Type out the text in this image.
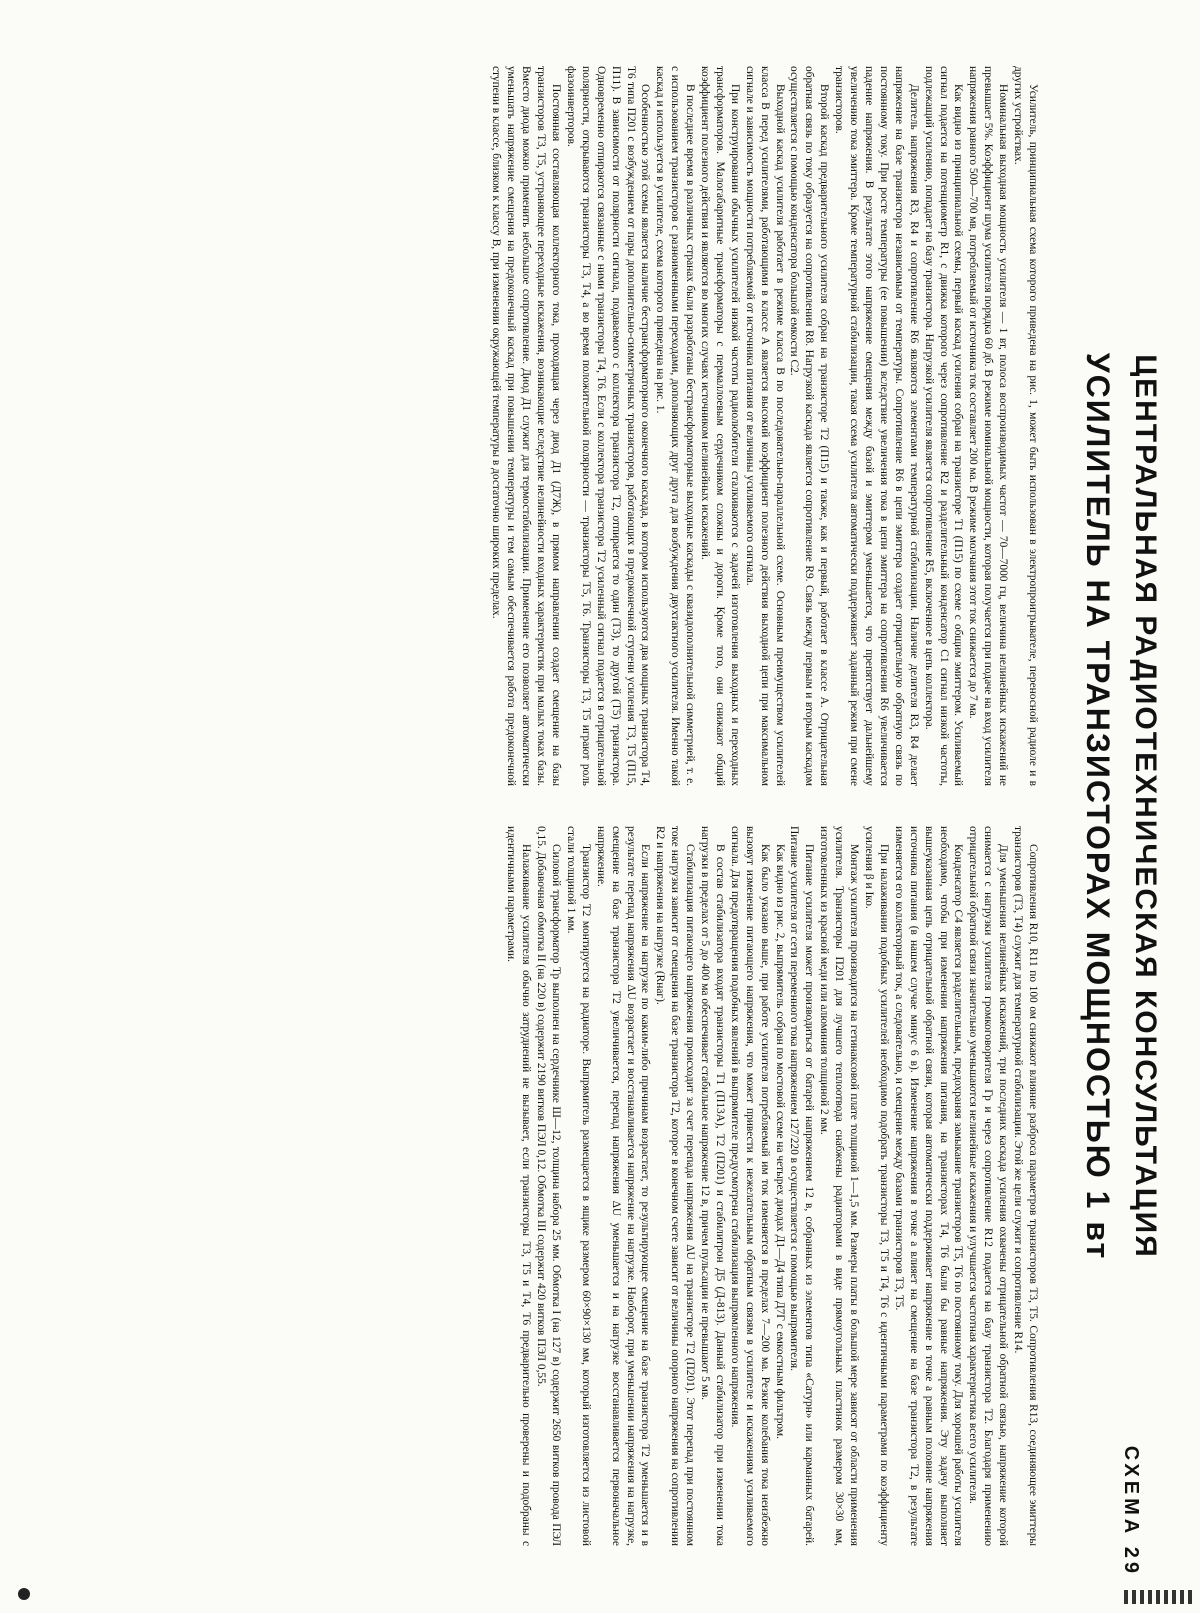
СХЕМА 29
ЦЕНТРАЛЬНАЯ РАДИОТЕХНИЧЕСКАЯ КОНСУЛЬТАЦИЯ
УСИЛИТЕЛЬ НА ТРАНЗИСТОРАХ МОЩНОСТЬЮ 1 вт

Усилитель, принципиальная схема которого приведена на рис. 1, может быть использован в электропроигрывателе, переносной радиоле и в других устройствах.

Номинальная выходная мощность усилителя — 1 вт, полоса воспроизводимых частот — 70—7000 гц, величина нелинейных искажений не превышает 5%. Коэффициент шума усилителя порядка 60 дб. В режиме номинальной мощности, которая получается при подаче на вход усилителя напряжения равного 500—700 мв, потребляемый от источника ток составляет 200 ма. В режиме молчания этот ток снижается до 7 ма.

Как видно из принципиальной схемы, первый каскад усиления собран на транзисторе T1 (П15) по схеме с общим эмиттером. Усиливаемый сигнал подается на потенциометр R1, с движка которого через сопротивление R2 и разделительный конденсатор C1 сигнал низкой частоты, подлежащий усилению, попадает на базу транзистора. Нагрузкой усилителя является сопротивление R5, включенное в цепь коллектора.

Делитель напряжения R3, R4 и сопротивление R6 являются элементами температурной стабилизации. Наличие делителя R3, R4 делает напряжение на базе транзистора независимым от температуры. Сопротивление R6 в цепи эмиттера создает отрицательную обратную связь по постоянному току. При росте температуры (ее повышении) вследствие увеличения тока в цепи эмиттера на сопротивлении R6 увеличивается падение напряжения. В результате этого напряжение смещения между базой и эмиттером уменьшается, что препятствует дальнейшему увеличению тока эмиттера. Кроме температурной стабилизации, такая схема усилителя автоматически поддерживает заданный режим при смене транзисторов.

Второй каскад предварительного усилителя собран на транзисторе T2 (П15) и также, как и первый, работает в классе А. Отрицательная обратная связь по току образуется на сопротивлении R8. Нагрузкой каскада является сопротивление R9. Связь между первым и вторым каскадом осуществляется с помощью конденсатора большой емкости C2.

Выходной каскад усилителя работает в режиме класса В по последовательно-параллельной схеме. Основным преимуществом усилителей класса В перед усилителями, работающими в классе А является высокий коэффициент полезного действия выходной цепи при максимальном сигнале и зависимость мощности потребляемой от источника питания от величины усиливаемого сигнала.

При конструировании обычных усилителей низкой частоты радиолюбители сталкиваются с задачей изготовления выходных и переходных трансформаторов. Малогабаритные трансформаторы с пермаллоевым сердечником сложны и дороги. Кроме того, они снижают общий коэффициент полезного действия и являются во многих случаях источником нелинейных искажений.

В последнее время в различных странах были разработаны бестрансформаторные выходные каскады с квазидополнительной симметрией, т. е. с использованием транзисторов с разноименными переходами, дополняющих друг друга для возбуждения двухтактного усилителя. Именно такой каскад и используется в усилителе, схема которого приведена на рис. 1.

Особенностью этой схемы является наличие бестрансформаторного оконечного каскада, в котором используются два мощных транзистора T4, T6 типа П201 с возбуждением от пары дополнительно-симметричных транзисторов, работающих в предоконечной ступени усиления T3, T5 (П15, П11). В зависимости от полярности сигнала, подаваемого с коллектора транзистора T2, отпирается то один (T3), то другой (T5) транзистора. Одновременно отпираются связанные с ними транзисторы T4, T6. Если с коллектора транзистора T2 усиленный сигнал подается в отрицательной полярности, открываются транзисторы T3, T4, а во время положительной полярности — транзисторы T5, T6. Транзисторы T3, T5 играют роль фазоинверторов.

Постоянная составляющая коллекторного тока, проходящая через диод Д1 (Д7Ж), в прямом направлении создает смещение на базы транзисторов T3, T5, устраняющее переходные искажения, возникающие вследствие нелинейности входных характеристик при малых токах базы. Вместо диода можно применить небольшое сопротивление. Диод Д1 служит для термостабилизации. Применение его позволяет автоматически уменьшать напряжение смещения на предоконечный каскад при повышении температуры и тем самым обеспечивается работа предоконечной ступени в классе, близком к классу В, при изменении окружающей температуры в достаточно широких пределах.

Сопротивления R10, R11 по 100 ом снижают влияние разброса параметров транзисторов T3, T5. Сопротивления R13, соединяющее эмиттеры транзисторов (T3, T4) служит для температурной стабилизации. Этой же цели служит и сопротивление R14.

Для уменьшения нелинейных искажений, три последних каскада усиления охвачены отрицательной обратной связью, напряжение которой снимается с нагрузки усилителя громкоговорителя Гр и через сопротивление R12 подается на базу транзистора T2. Благодаря применению отрицательной обратной связи значительно уменьшаются нелинейные искажения и улучшается частотная характеристика всего усилителя.

Конденсатор C4 является разделительным, предохраняя замыкание транзисторов T5, T6 по постоянному току. Для хорошей работы усилителя необходимо, чтобы при изменении напряжения питания, на транзисторах T4, T6 были бы равные напряжения. Эту задачу выполняет вышеуказанная цепь отрицательной обратной связи, которая автоматически поддерживает напряжение в точке а равным половине напряжения источника питания (в нашем случае минус 6 в). Изменение напряжения в точке а влияет на смещение на базе транзистора T2, в результате изменяется его коллекторный ток, а следовательно, и смещение между базами транзисторов T3, T5.

При налаживании подобных усилителей необходимо подобрать транзисторы T3, T5 и T4, T6 с идентичными параметрами по коэффициенту усиления β и Iко.

Монтаж усилителя производится на гетинаксовой плате толщиной 1—1,5 мм. Размеры платы в большой мере зависят от области применения усилителя. Транзисторы П201 для лучшего теплоотвода снабжены радиаторами в виде прямоугольных пластинок размером 30×30 мм, изготовленных из красной меди или алюминия толщиной 2 мм.

Питание усилителя может производиться от батарей напряжением 12 в, собранных из элементов типа «Сатурн» или карманных батарей. Питание усилителя от сети переменного тока напряжением 127/220 в осуществляется с помощью выпрямителя.

Как видно из рис. 2, выпрямитель собран по мостовой схеме на четырех диодах Д1—Д4 типа Д7Г с емкостным фильтром.

Как было указано выше, при работе усилителя потребляемый им ток изменяется в пределах 7—200 ма. Резкие колебания тока неизбежно вызовут изменение питающего напряжения, что может привести к нежелательным обратным связям в усилителе и искажениям усиливаемого сигнала. Для предотвращения подобных явлений в выпрямителе предусмотрена стабилизация выпрямленного напряжения.

В состав стабилизатора входят транзисторы T1 (П13А), T2 (П201) и стабилитрон Д5 (Д-813). Данный стабилизатор при изменении тока нагрузки в пределах от 5 до 400 ма обеспечивает стабильное напряжение 12 в, причем пульсации не превышают 5 мв.

Стабилизация питающего напряжения происходит за счет перепада напряжения ΔU на транзисторе T2 (П201). Этот перепад при постоянном токе нагрузки зависит от смещения на базе транзистора T2, которое в конечном счете зависит от величины опорного напряжения на сопротивлении R2 и напряжения на нагрузке (Rнаг).

Если напряжение на нагрузке по каким-либо причинам возрастает, то результирующее смещение на базе транзистора T2 уменьшается и в результате перепад напряжения ΔU возрастает и восстанавливается напряжение на нагрузке. Наоборот, при уменьшении напряжения на нагрузке, смещение на базе транзистора T2 увеличивается, перепад напряжения ΔU уменьшается и на нагрузке восстанавливается первоначальное напряжение.

Транзистор T2 монтируется на радиаторе. Выпрямитель размещается в ящике размером 60×90×130 мм, который изготовляется из листовой стали толщиной 1 мм.

Силовой трансформатор Тр выполнен на сердечнике Ш—12, толщина набора 25 мм. Обмотка I (на 127 в) содержит 2650 витков провода ПЭЛ 0,15. Добавочная обмотка II (на 220 в) содержит 2190 витков ПЭЛ 0,12. Обмотка III содержит 420 витков ПЭЛ 0,55.

Налаживание усилителя обычно затруднений не вызывает, если транзисторы T3, T5 и T4, T6 предварительно проверены и подобраны с идентичными параметрами.
